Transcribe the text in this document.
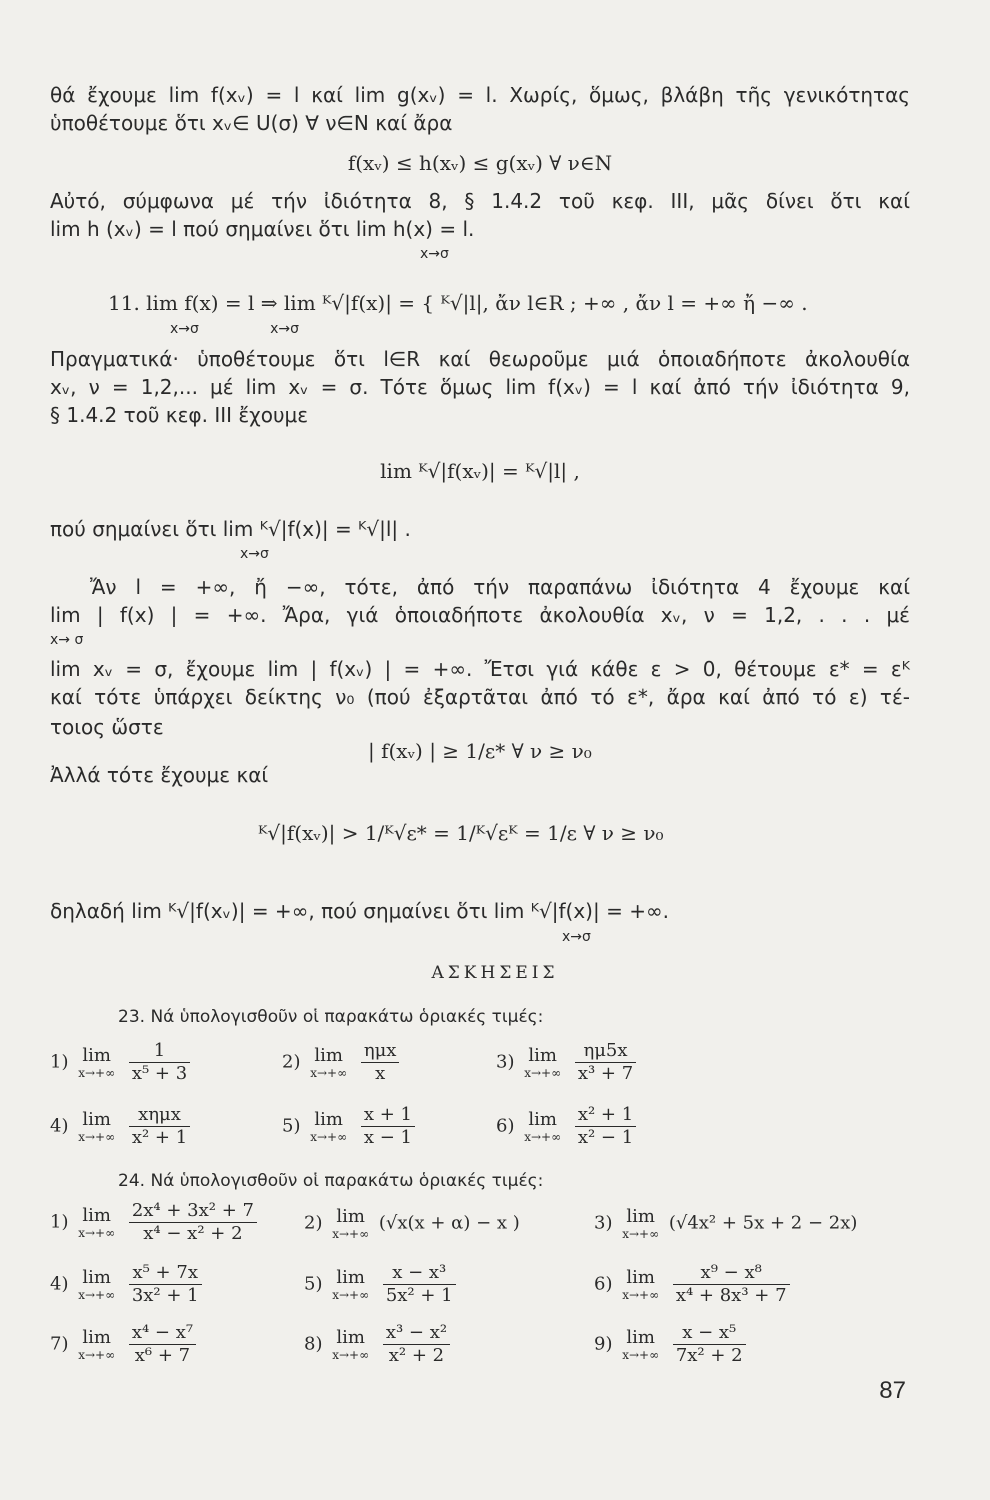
θά ἔχουμε lim f(xᵥ) = l καί lim g(xᵥ) = l. Χωρίς, ὅμως, βλάβη τῆς γενικότητας
ὑποθέτουμε ὅτι xᵥ∈ U(σ) ∀ ν∈N καί ἄρα
f(xᵥ) ≤ h(xᵥ) ≤ g(xᵥ) ∀ ν∈N
Αὐτό, σύμφωνα μέ τήν ἰδιότητα 8, § 1.4.2 τοῦ κεφ. III, μᾶς δίνει ὅτι καί
lim h (xᵥ) = l πού σημαίνει ὅτι lim h(x) = l.
x→σ
11. lim f(x) = l ⇒ lim ᴷ√|f(x)| = { ᴷ√|l|, ἄν l∈R ; +∞ , ἄν l = +∞ ἤ −∞ .
x→σ                x→σ
Πραγματικά· ὑποθέτουμε ὅτι l∈R καί θεωροῦμε μιά ὁποιαδήποτε ἀκολουθία
xᵥ, ν = 1,2,... μέ lim xᵥ = σ. Τότε ὅμως lim f(xᵥ) = l καί ἀπό τήν ἰδιότητα 9,
§ 1.4.2 τοῦ κεφ. III ἔχουμε
lim ᴷ√|f(xᵥ)| = ᴷ√|l| ,
πού σημαίνει ὅτι lim ᴷ√|f(x)| = ᴷ√|l| .
x→σ
Ἄν l = +∞, ἤ −∞, τότε, ἀπό τήν παραπάνω ἰδιότητα 4 ἔχουμε καί
lim | f(x) | = +∞. Ἄρα, γιά ὁποιαδήποτε ἀκολουθία xᵥ, ν = 1,2, . . . μέ
x→ σ
lim xᵥ = σ, ἔχουμε lim | f(xᵥ) | = +∞. Ἔτσι γιά κάθε ε > 0, θέτουμε ε* = εᴷ
καί τότε ὑπάρχει δείκτης ν₀ (πού ἐξαρτᾶται ἀπό τό ε*, ἄρα καί ἀπό τό ε) τέ-
τοιος ὥστε
| f(xᵥ) | ≥ 1/ε* ∀ ν ≥ ν₀
Ἀλλά τότε ἔχουμε καί
ᴷ√|f(xᵥ)| > 1/ᴷ√ε* = 1/ᴷ√εᴷ = 1/ε ∀ ν ≥ ν₀
δηλαδή lim ᴷ√|f(xᵥ)| = +∞, πού σημαίνει ὅτι lim ᴷ√|f(x)| = +∞.
x→σ
ΑΣΚΗΣΕΙΣ
23. Νά ὑπολογισθοῦν οἱ παρακάτω ὁριακές τιμές:
1) lim
x→+∞
$\frac{1}{\text{x⁵ + 3}}$	2) lim
x→+∞
$\frac{\text{ημx}}{x}$	3) lim
x→+∞
$\frac{\eta\mu 5x}{\text{x³ + 7}}$
4) lim
x→+∞
$\frac{\text{xημx}}{\text{x² + 1}}$	5) lim
x→+∞
$\frac{x + 1}{x - 1}$	6) lim
x→+∞
$\frac{\text{x² + 1}}{\text{x² − 1}}$
24. Νά ὑπολογισθοῦν οἱ παρακάτω ὁριακές τιμές:
1) lim
x→+∞
$\frac{\text{2x⁴ + 3x² + 7}}{\text{x⁴ − x² + 2}}$	2) lim
x→+∞
(√x(x + α) − x )	3) lim
x→+∞
(√4x² + 5x + 2 − 2x)
4) lim
x→+∞
$\frac{\text{x⁵ + 7x}}{\text{3x² + 1}}$	5) lim
x→+∞
$\frac{\text{x − x³}}{\text{5x² + 1}}$	6) lim
x→+∞
$\frac{\text{x⁹ − x⁸}}{\text{x⁴ + 8x³ + 7}}$
7) lim
x→+∞
$\frac{\text{x⁴ − x⁷}}{\text{x⁶ + 7}}$	8) lim
x→+∞
$\frac{\text{x³ − x²}}{\text{x² + 2}}$	9) lim
x→+∞
$\frac{\text{x − x⁵}}{\text{7x² + 2}}$
87
